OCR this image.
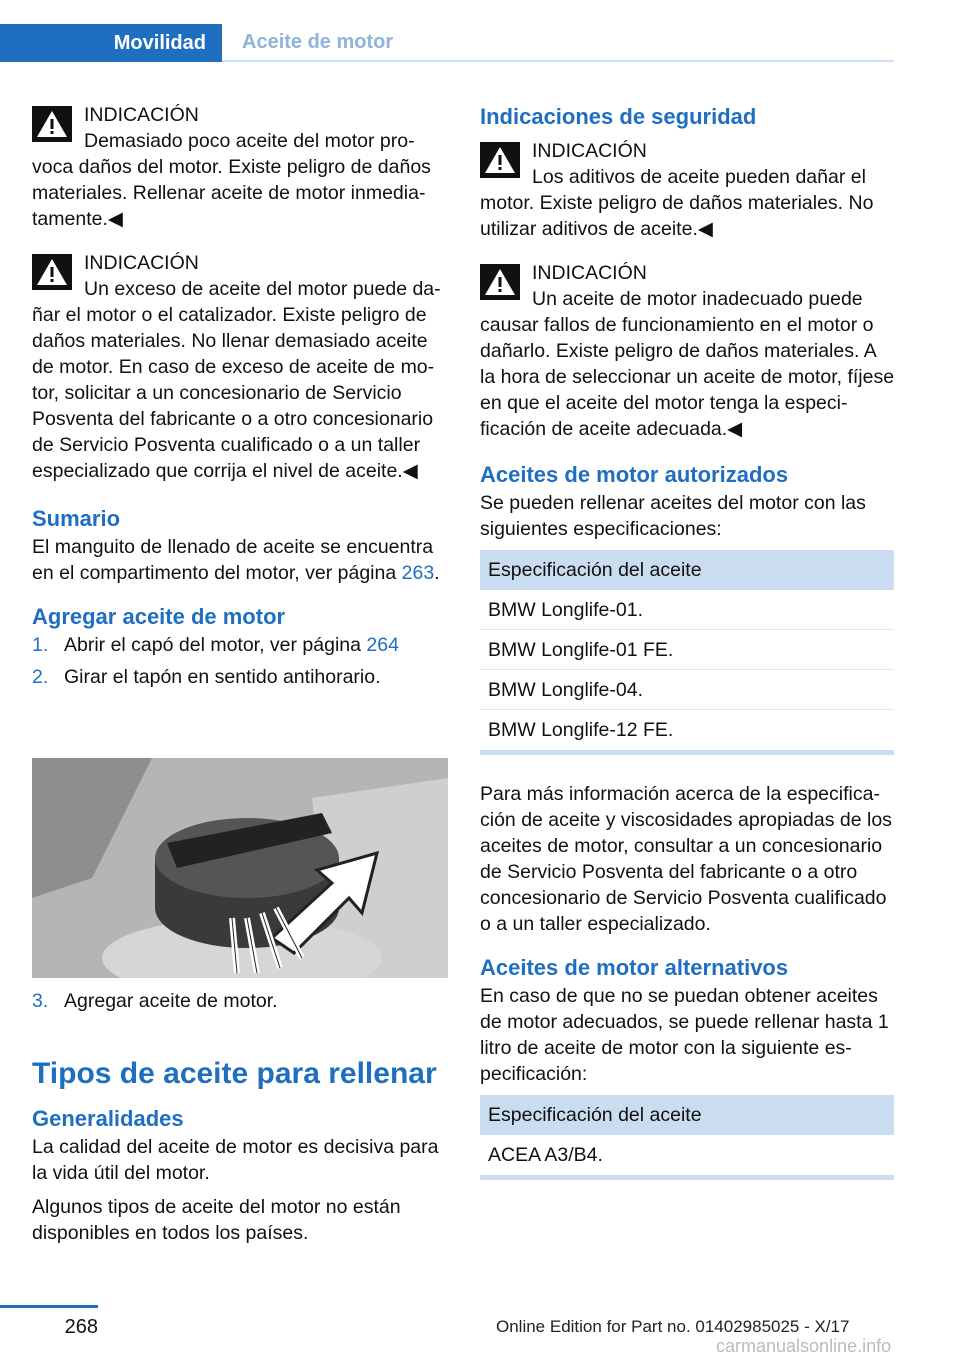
Movilidad	Aceite de motor
INDICACIÓN
Demasiado poco aceite del motor provoca daños del motor. Existe peligro de daños materiales. Rellenar aceite de motor inmediatamente.◀
INDICACIÓN
Un exceso de aceite del motor puede dañar el motor o el catalizador. Existe peligro de daños materiales. No llenar demasiado aceite de motor. En caso de exceso de aceite de motor, solicitar a un concesionario de Servicio Posventa del fabricante o a otro concesionario de Servicio Posventa cualificado o a un taller especializado que corrija el nivel de aceite.◀

Sumario

El manguito de llenado de aceite se encuentra en el compartimento del motor, ver página 263.

Agregar aceite de motor

1. Abrir el capó del motor, ver página 264
2. Girar el tapón en sentido antihorario.
3. Agregar aceite de motor.

Tipos de aceite para rellenar

Generalidades

La calidad del aceite de motor es decisiva para la vida útil del motor.

Algunos tipos de aceite del motor no están disponibles en todos los países.

Indicaciones de seguridad

INDICACIÓN
Los aditivos de aceite pueden dañar el motor. Existe peligro de daños materiales. No utilizar aditivos de aceite.◀
INDICACIÓN
Un aceite de motor inadecuado puede causar fallos de funcionamiento en el motor o dañarlo. Existe peligro de daños materiales. A la hora de seleccionar un aceite de motor, fíjese en que el aceite del motor tenga la especificación de aceite adecuada.◀

Aceites de motor autorizados

Se pueden rellenar aceites del motor con las siguientes especificaciones:

Especificación del aceite
BMW Longlife-01.
BMW Longlife-01 FE.
BMW Longlife-04.
BMW Longlife-12 FE.

Para más información acerca de la especificación de aceite y viscosidades apropiadas de los aceites de motor, consultar a un concesionario de Servicio Posventa del fabricante o a otro concesionario de Servicio Posventa cualificado o a un taller especializado.

Aceites de motor alternativos

En caso de que no se puedan obtener aceites de motor adecuados, se puede rellenar hasta 1 litro de aceite de motor con la siguiente especificación:

Especificación del aceite
ACEA A3/B4.
268	Online Edition for Part no. 01402985025 - X/17
carmanualsonline.info
